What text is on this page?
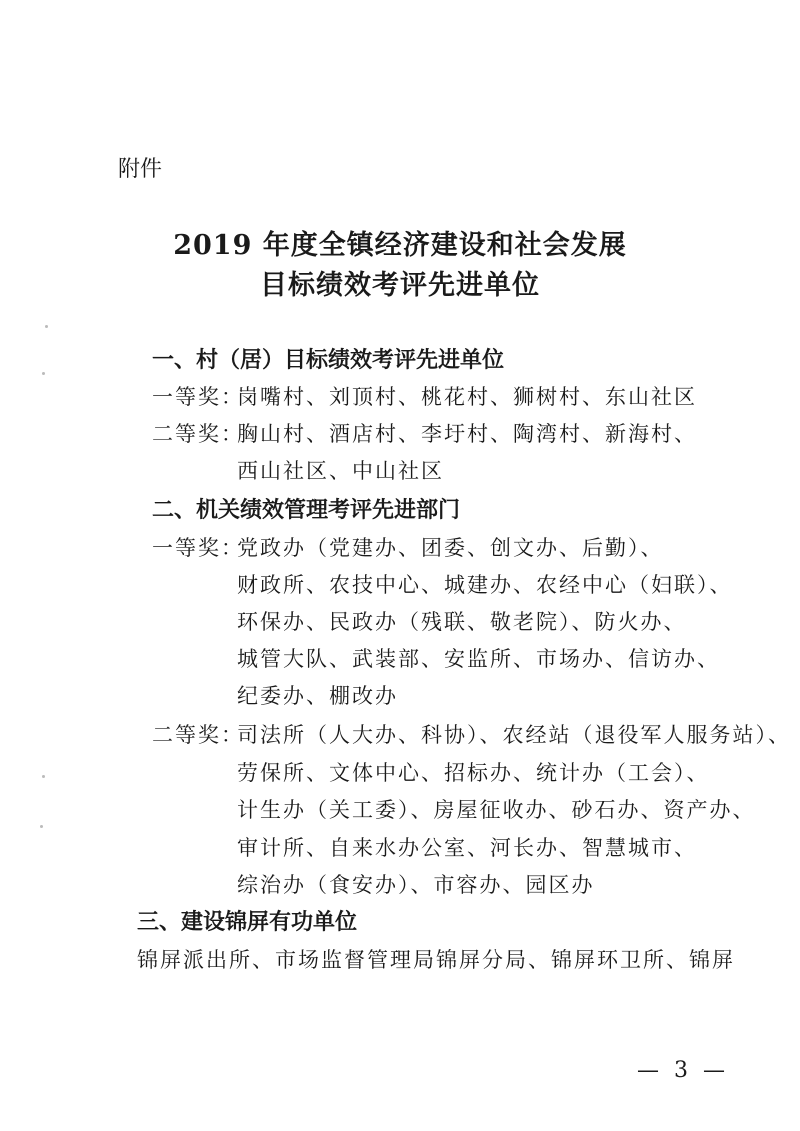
附件
2019 年度全镇经济建设和社会发展
目标绩效考评先进单位
一、村（居）目标绩效考评先进单位
一等奖：
岗嘴村、刘顶村、桃花村、狮树村、东山社区
二等奖：
胸山村、酒店村、李圩村、陶湾村、新海村、
西山社区、中山社区
二、机关绩效管理考评先进部门
一等奖：
党政办（党建办、团委、创文办、后勤）、
财政所、农技中心、城建办、农经中心（妇联）、
环保办、民政办（残联、敬老院）、防火办、
城管大队、武装部、安监所、市场办、信访办、
纪委办、棚改办
二等奖：
司法所（人大办、科协）、农经站（退役军人服务站）、
劳保所、文体中心、招标办、统计办（工会）、
计生办（关工委）、房屋征收办、砂石办、资产办、
审计所、自来水办公室、河长办、智慧城市、
综治办（食安办）、市容办、园区办
三、建设锦屏有功单位
锦屏派出所、市场监督管理局锦屏分局、锦屏环卫所、锦屏
— 3 —
